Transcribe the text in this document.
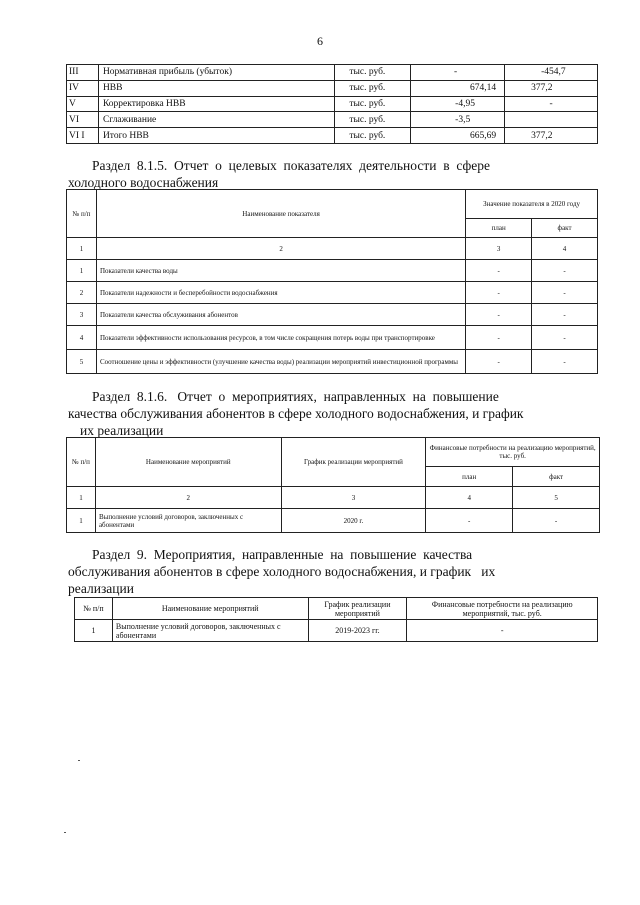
6
III	Нормативная прибыль (убыток)	тыс. руб.	-	-454,7
IV	НВВ	тыс. руб.	674,14	377,2
V	Корректировка НВВ	тыс. руб.	-4,95	-
VI	Сглаживание	тыс. руб.	-3,5	
VI I	Итого НВВ	тыс. руб.	665,69	377,2
Раздел  8.1.5.  Отчет  о  целевых  показателях  деятельности  в  сфере
холодного водоснабжения
№ п/п	Наименование показателя	Значение показателя в 2020 году	
		план	факт
1	2	3	4
1	Показатели качества воды	-	-
2	Показатели надежности и бесперебойности водоснабжения	-	-
3	Показатели качества обслуживания абонентов	-	-
4	Показатели эффективности использования ресурсов, в том числе сокращения потерь воды при транспортировке	-	-
5	Соотношение цены и эффективности (улучшение качества воды) реализации мероприятий инвестиционной программы	-	-
Раздел  8.1.6.   Отчет  о  мероприятиях,  направленных  на  повышение
качества обслуживания абонентов в сфере холодного водоснабжения, и график
их реализации
№ п/п	Наименование мероприятий	График реализации мероприятий	Финансовые потребности на реализацию мероприятий, тыс. руб.	
			план	факт
1	2	3	4	5
1	Выполнение условий договоров, заключенных с абонентами	2020 г.	-	-
Раздел  9.  Мероприятия,  направленные  на  повышение  качества
обслуживания абонентов в сфере холодного водоснабжения, и график   их
реализации
№ п/п	Наименование мероприятий	График реализации мероприятий	Финансовые потребности на реализацию мероприятий, тыс. руб.
1	Выполнение условий договоров, заключенных с абонентами	2019-2023 гг.	-
